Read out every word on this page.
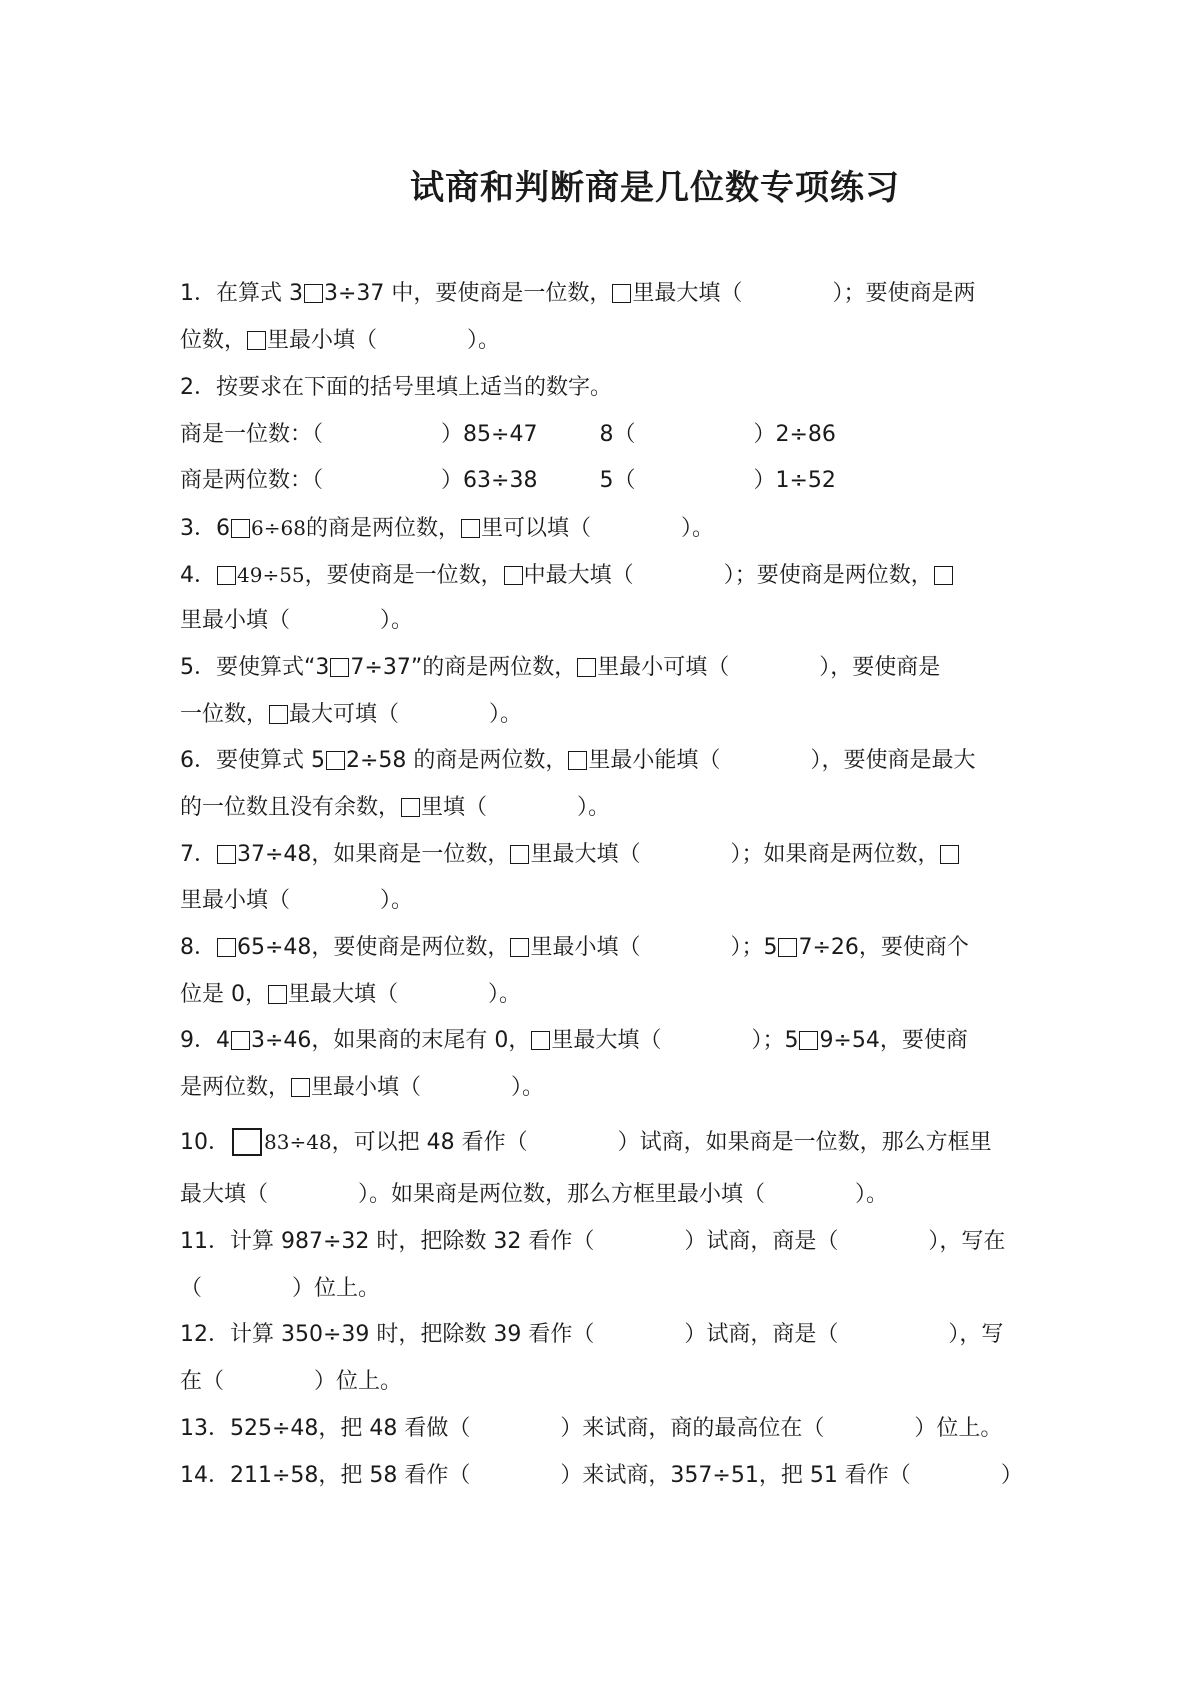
试商和判断商是几位数专项练习
1．在算式 3 3÷37 中，要使商是一位数， 里最大填（	）；要使商是两
位数， 里最小填（	）。
2．按要求在下面的括号里填上适当的数字。
商是一位数：（	）85÷47	8（	）2÷86
商是两位数：（	）63÷38	5（	）1÷52
3．6 6÷68的商是两位数， 里可以填（	）。
4． 49÷55，要使商是一位数， 中最大填（	）；要使商是两位数，
里最小填（	）。
5．要使算式“3 7÷37”的商是两位数， 里最小可填（	），要使商是
一位数， 最大可填（	）。
6．要使算式 5 2÷58 的商是两位数， 里最小能填（	），要使商是最大
的一位数且没有余数， 里填（	）。
7． 37÷48，如果商是一位数， 里最大填（	）；如果商是两位数，
里最小填（	）。
8． 65÷48，要使商是两位数， 里最小填（	）；5 7÷26，要使商个
位是 0， 里最大填（	）。
9．4 3÷46，如果商的末尾有 0， 里最大填（	）；5 9÷54，要使商
是两位数， 里最小填（	）。
10． 83÷48，可以把 48 看作（	）试商，如果商是一位数，那么方框里
最大填（	）。如果商是两位数，那么方框里最小填（	）。
11．计算 987÷32 时，把除数 32 看作（	）试商，商是（	），写在
（	）位上。
12．计算 350÷39 时，把除数 39 看作（	）试商，商是（	），写
在（	）位上。
13．525÷48，把 48 看做（	）来试商，商的最高位在（	）位上。
14．211÷58，把 58 看作（	）来试商，357÷51，把 51 看作（	）
